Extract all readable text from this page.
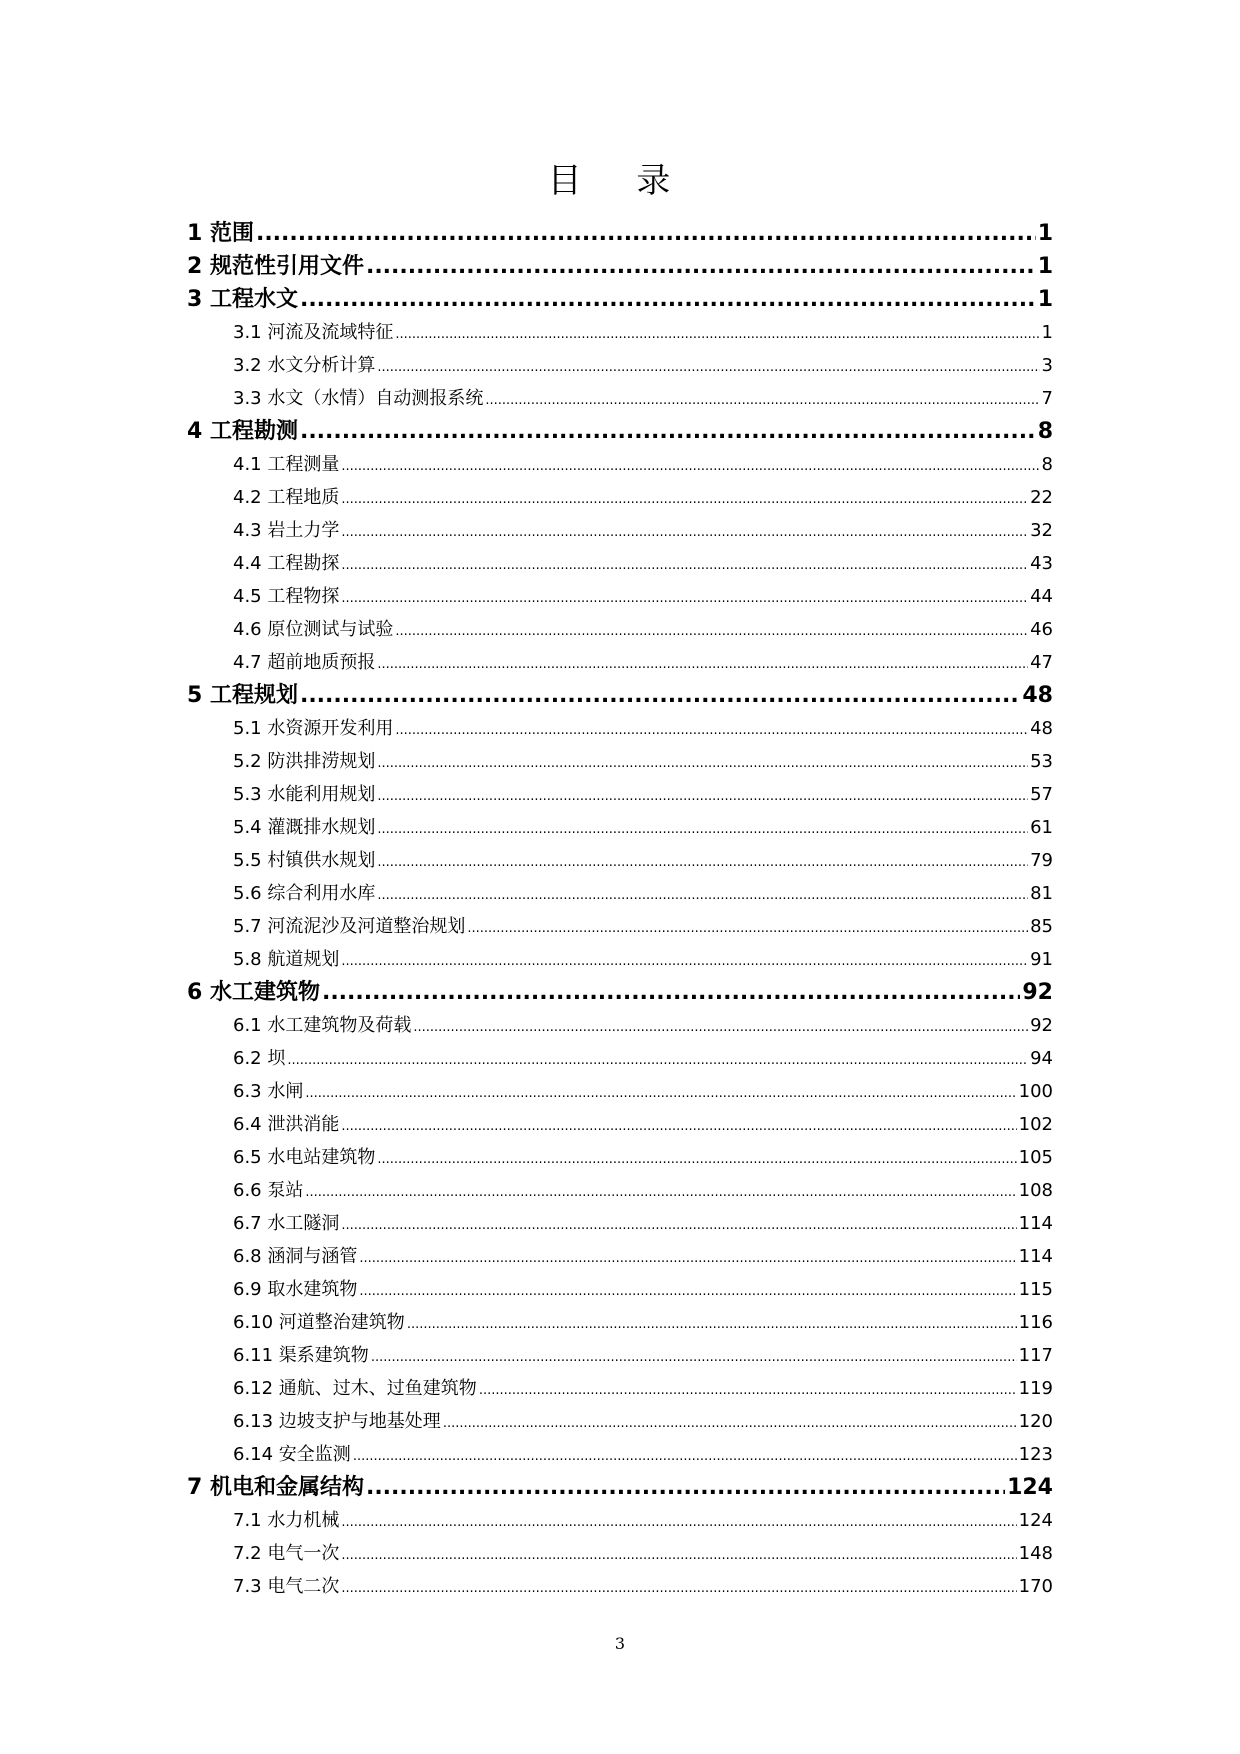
目 录
1 范围 .....	1
2 规范性引用文件 .....	1
3 工程水文 .....	1
3.1 河流及流域特征 .....	1
3.2 水文分析计算 .....	3
3.3 水文（水情）自动测报系统 .....	7
4 工程勘测 .....	8
4.1 工程测量 .....	8
4.2 工程地质 .....	22
4.3 岩土力学 .....	32
4.4 工程勘探 .....	43
4.5 工程物探 .....	44
4.6 原位测试与试验 .....	46
4.7 超前地质预报 .....	47
5 工程规划 .....	48
5.1 水资源开发利用 .....	48
5.2 防洪排涝规划 .....	53
5.3 水能利用规划 .....	57
5.4 灌溉排水规划 .....	61
5.5 村镇供水规划 .....	79
5.6 综合利用水库 .....	81
5.7 河流泥沙及河道整治规划 .....	85
5.8 航道规划 .....	91
6 水工建筑物 .....	92
6.1 水工建筑物及荷载 .....	92
6.2 坝 .....	94
6.3 水闸 .....	100
6.4 泄洪消能 .....	102
6.5 水电站建筑物 .....	105
6.6 泵站 .....	108
6.7 水工隧洞 .....	114
6.8 涵洞与涵管 .....	114
6.9 取水建筑物 .....	115
6.10 河道整治建筑物 .....	116
6.11 渠系建筑物 .....	117
6.12 通航、过木、过鱼建筑物 .....	119
6.13 边坡支护与地基处理 .....	120
6.14 安全监测 .....	123
7 机电和金属结构 .....	124
7.1 水力机械 .....	124
7.2 电气一次 .....	148
7.3 电气二次 .....	170
3
